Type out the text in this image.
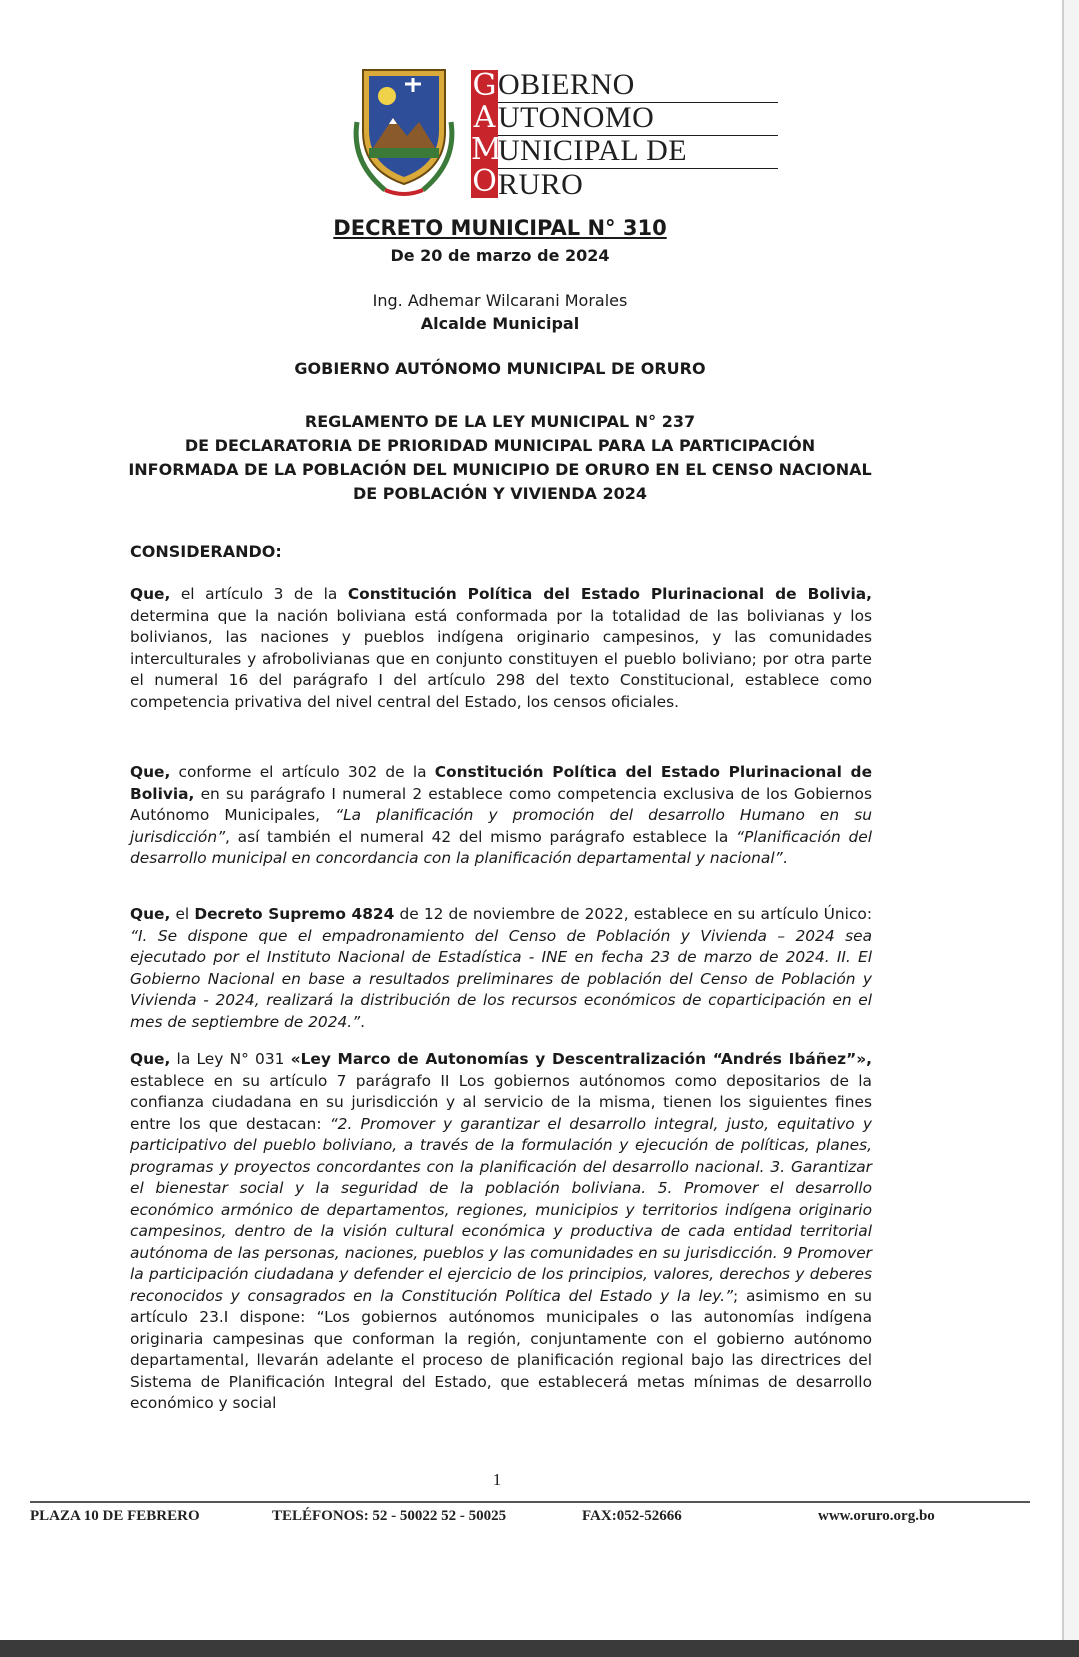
G
A
M
O
OBIERNO
UTONOMO
UNICIPAL DE
RURO
DECRETO MUNICIPAL N° 310
De 20 de marzo de 2024
Ing. Adhemar Wilcarani Morales
Alcalde Municipal
GOBIERNO AUTÓNOMO MUNICIPAL DE ORURO
REGLAMENTO DE LA LEY MUNICIPAL N° 237
DE DECLARATORIA DE PRIORIDAD MUNICIPAL PARA LA PARTICIPACIÓN
INFORMADA DE LA POBLACIÓN DEL MUNICIPIO DE ORURO EN EL CENSO NACIONAL
DE POBLACIÓN Y VIVIENDA 2024
CONSIDERANDO:
Que, el artículo 3 de la Constitución Política del Estado Plurinacional de Bolivia, determina que la nación boliviana está conformada por la totalidad de las bolivianas y los bolivianos, las naciones y pueblos indígena originario campesinos, y las comunidades interculturales y afrobolivianas que en conjunto constituyen el pueblo boliviano; por otra parte el numeral 16 del parágrafo I del artículo 298 del texto Constitucional, establece como competencia privativa del nivel central del Estado, los censos oficiales.
Que, conforme el artículo 302 de la Constitución Política del Estado Plurinacional de Bolivia, en su parágrafo I numeral 2 establece como competencia exclusiva de los Gobiernos Autónomo Municipales, “La planificación y promoción del desarrollo Humano en su jurisdicción”, así también el numeral 42 del mismo parágrafo establece la “Planificación del desarrollo municipal en concordancia con la planificación departamental y nacional”.
Que, el Decreto Supremo 4824 de 12 de noviembre de 2022, establece en su artículo Único: “I. Se dispone que el empadronamiento del Censo de Población y Vivienda – 2024 sea ejecutado por el Instituto Nacional de Estadística - INE en fecha 23 de marzo de 2024. II. El Gobierno Nacional en base a resultados preliminares de población del Censo de Población y Vivienda - 2024, realizará la distribución de los recursos económicos de coparticipación en el mes de septiembre de 2024.”.
Que, la Ley N° 031 «Ley Marco de Autonomías y Descentralización “Andrés Ibáñez”», establece en su artículo 7 parágrafo II Los gobiernos autónomos como depositarios de la confianza ciudadana en su jurisdicción y al servicio de la misma, tienen los siguientes fines entre los que destacan: “2. Promover y garantizar el desarrollo integral, justo, equitativo y participativo del pueblo boliviano, a través de la formulación y ejecución de políticas, planes, programas y proyectos concordantes con la planificación del desarrollo nacional. 3. Garantizar el bienestar social y la seguridad de la población boliviana. 5. Promover el desarrollo económico armónico de departamentos, regiones, municipios y territorios indígena originario campesinos, dentro de la visión cultural económica y productiva de cada entidad territorial autónoma de las personas, naciones, pueblos y las comunidades en su jurisdicción. 9 Promover la participación ciudadana y defender el ejercicio de los principios, valores, derechos y deberes reconocidos y consagrados en la Constitución Política del Estado y la ley.”; asimismo en su artículo 23.I dispone: “Los gobiernos autónomos municipales o las autonomías indígena originaria campesinas que conforman la región, conjuntamente con el gobierno autónomo departamental, llevarán adelante el proceso de planificación regional bajo las directrices del Sistema de Planificación Integral del Estado, que establecerá metas mínimas de desarrollo económico y social
1
PLAZA 10 DE FEBRERO	TELÉFONOS: 52 - 50022 52 - 50025	FAX:052-52666	www.oruro.org.bo
